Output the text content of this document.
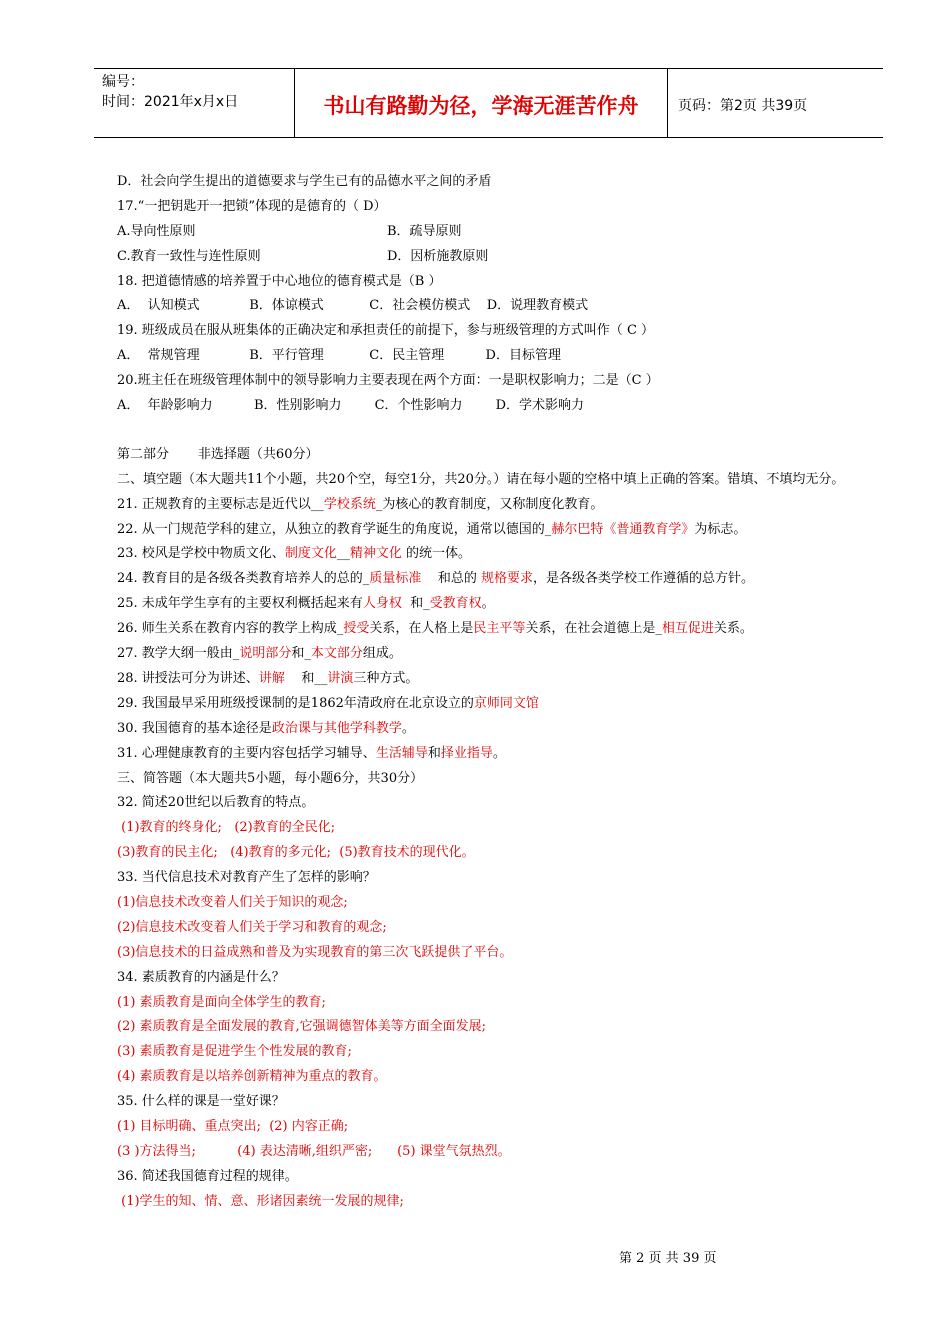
编号：
时间：2021年x月x日	书山有路勤为径，学海无涯苦作舟	页码：第2页 共39页
D．社会向学生提出的道德要求与学生已有的品德水平之间的矛盾
17.“一把钥匙开一把锁”体现的是德育的（ D）
A.导向性原则	B．疏导原则
C.教育一致性与连性原则	D．因析施教原则
18. 把道德情感的培养置于中心地位的德育模式是（B ）
A．  认知模式            B．体谅模式           C．社会模仿模式    D．说理教育模式
19. 班级成员在服从班集体的正确决定和承担责任的前提下，参与班级管理的方式叫作（ C ）
A．  常规管理            B．平行管理           C．民主管理          D．目标管理
20.班主任在班级管理体制中的领导影响力主要表现在两个方面：一是职权影响力；二是（C ）
A．  年龄影响力          B．性别影响力        C．个性影响力        D．学术影响力
第二部分       非选择题（共60分）
二、填空题（本大题共11个小题，共20个空，每空1分，共20分。）请在每小题的空格中填上正确的答案。错填、不填均无分。
21. 正规教育的主要标志是近代以__学校系统_为核心的教育制度，又称制度化教育。
22. 从一门规范学科的建立，从独立的教育学诞生的角度说，通常以德国的_赫尔巴特《普通教育学》为标志。
23. 校风是学校中物质文化、制度文化__精神文化 的统一体。
24. 教育目的是各级各类教育培养人的总的_质量标准    和总的 规格要求，是各级各类学校工作遵循的总方针。
25. 未成年学生享有的主要权利概括起来有人身权  和_受教育权。
26. 师生关系在教育内容的教学上构成_授受关系，在人格上是民主平等关系，在社会道德上是_相互促进关系。
27. 教学大纲一般由_说明部分和_本文部分组成。
28. 讲授法可分为讲述、讲解    和__讲演三种方式。
29. 我国最早采用班级授课制的是1862年清政府在北京设立的京师同文馆
30. 我国德育的基本途径是政治课与其他学科教学。
31. 心理健康教育的主要内容包括学习辅导、生活辅导和择业指导。
三、简答题（本大题共5小题，每小题6分，共30分）
32. 简述20世纪以后教育的特点。
(1)教育的终身化;   (2)教育的全民化;
(3)教育的民主化;   (4)教育的多元化;  (5)教育技术的现代化。
33. 当代信息技术对教育产生了怎样的影响？
(1)信息技术改变着人们关于知识的观念;
(2)信息技术改变着人们关于学习和教育的观念;
(3)信息技术的日益成熟和普及为实现教育的第三次飞跃提供了平台。
34. 素质教育的内涵是什么？
(1) 素质教育是面向全体学生的教育;
(2) 素质教育是全面发展的教育,它强调德智体美等方面全面发展;
(3) 素质教育是促进学生个性发展的教育;
(4) 素质教育是以培养创新精神为重点的教育。
35. 什么样的课是一堂好课？
(1) 目标明确、重点突出;  (2) 内容正确;
(3 )方法得当;          (4) 表达清晰,组织严密;      (5) 课堂气氛热烈。
36. 简述我国德育过程的规律。
(1)学生的知、情、意、形诸因素统一发展的规律;
第 2 页 共 39 页
